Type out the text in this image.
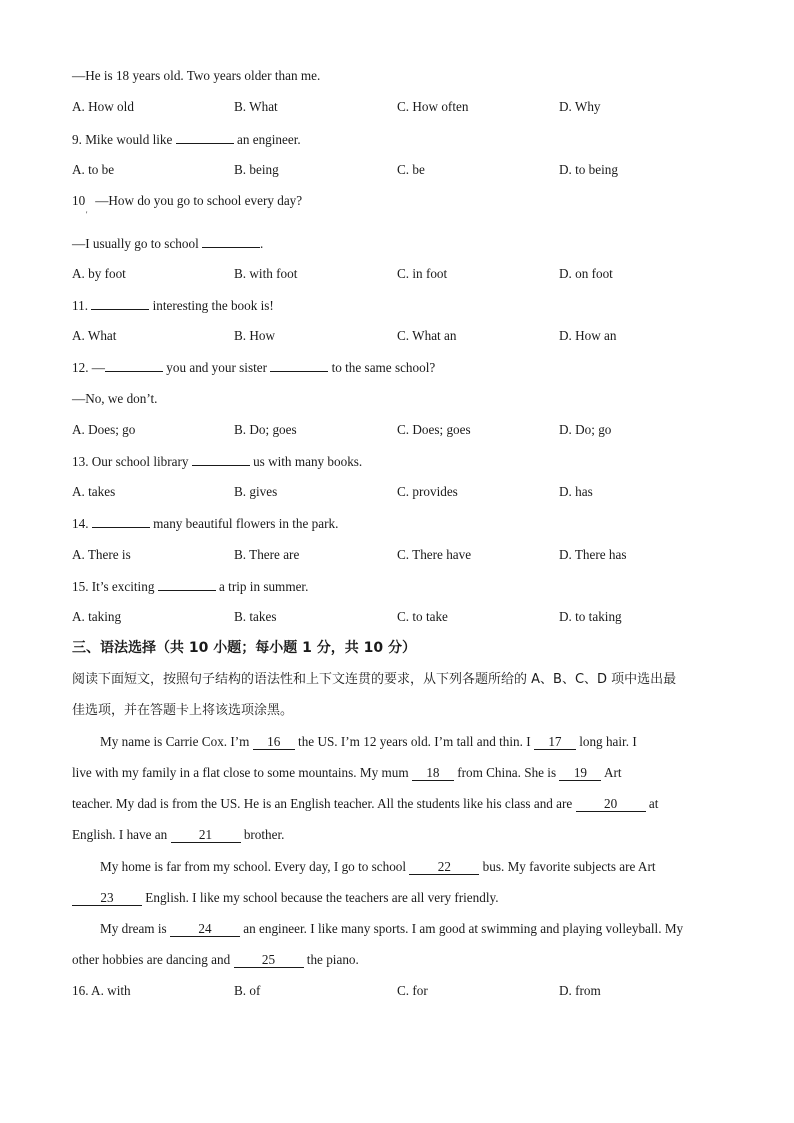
—He is 18 years old. Two years older than me.
A. How old	B. What	C. How often	D. Why
9. Mike would like	an engineer.
A. to be	B. being	C. be	D. to being
10 —How do you go to school every day?
'
—I usually go to school	.
A. by foot	B. with foot	C. in foot	D. on foot
11.	interesting the book is!
A. What	B. How	C. What an	D. How an
12. —	you and your sister	to the same school?
—No, we don’t.
A. Does; go	B. Do; goes	C. Does; goes	D. Do; go
13. Our school library	us with many books.
A. takes	B. gives	C. provides	D. has
14.	many beautiful flowers in the park.
A. There is	B. There are	C. There have	D. There has
15. It’s exciting	a trip in summer.
A. taking	B. takes	C. to take	D. to taking
三、语法选择（共 10 小题；每小题 1 分，共 10 分）
阅读下面短文，按照句子结构的语法性和上下文连贯的要求，从下列各题所给的 A、B、C、D 项中选出最
佳选项，并在答题卡上将该选项涂黑。
My name is Carrie Cox. I’m 16 the US. I’m 12 years old. I’m tall and thin. I 17 long hair. I
live with my family in a flat close to some mountains. My mum 18 from China. She is 19 Art
teacher. My dad is from the US. He is an English teacher. All the students like his class and are 20 at
English. I have an 21 brother.
My home is far from my school. Every day, I go to school 22 bus. My favorite subjects are Art
23 English. I like my school because the teachers are all very friendly.
My dream is 24 an engineer. I like many sports. I am good at swimming and playing volleyball. My
other hobbies are dancing and 25 the piano.
16. A. with	B. of	C. for	D. from
